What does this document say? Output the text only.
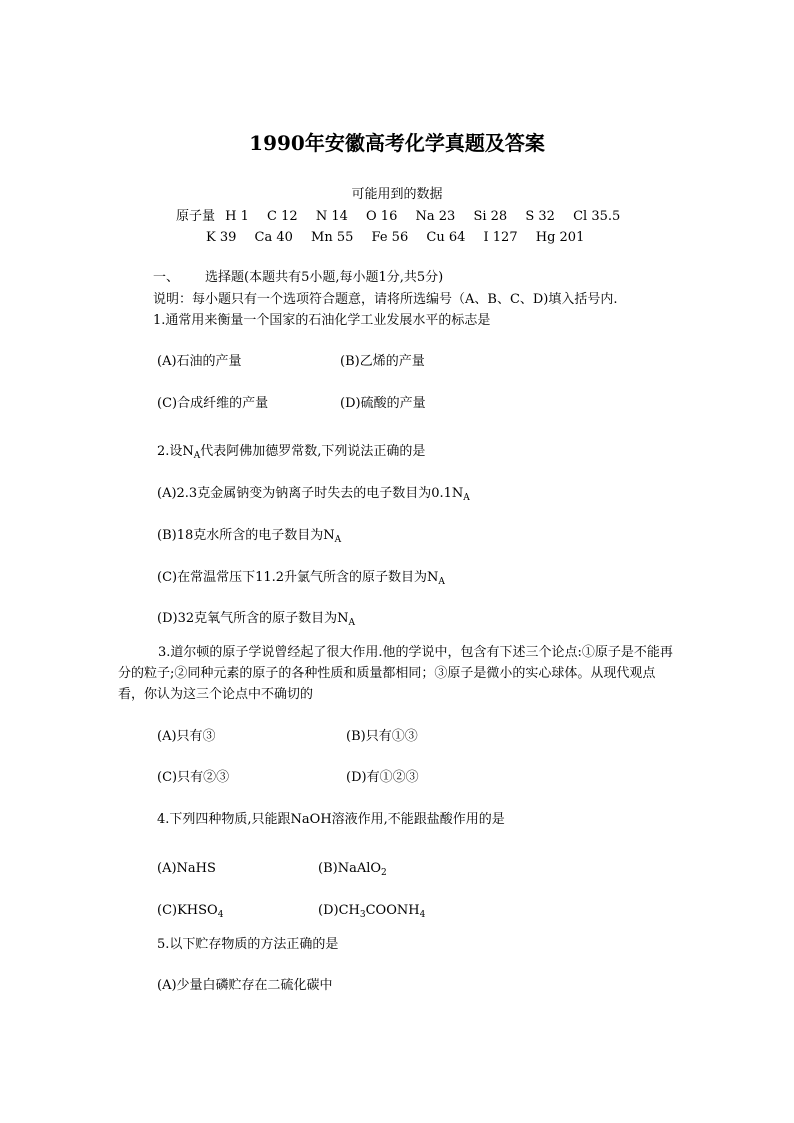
1990年安徽高考化学真题及答案
可能用到的数据
原子量 H 1 C 12 N 14 O 16 Na 23 Si 28 S 32 Cl 35.5
K 39 Ca 40 Mn 55 Fe 56 Cu 64 I 127 Hg 201
一、 选择题(本题共有5小题,每小题1分,共5分)
说明：每小题只有一个选项符合题意，请将所选编号（A、B、C、D)填入括号内.
1.通常用来衡量一个国家的石油化学工业发展水平的标志是
(A)石油的产量	(B)乙烯的产量
(C)合成纤维的产量	(D)硫酸的产量
2.设$N_A$代表阿佛加德罗常数,下列说法正确的是
(A)2.3克金属钠变为钠离子时失去的电子数目为$0.1N_A$
(B)18克水所含的电子数目为$N_A$
(C)在常温常压下11.2升氯气所含的原子数目为$N_A$
(D)32克氧气所含的原子数目为$N_A$
3.道尔顿的原子学说曾经起了很大作用.他的学说中，包含有下述三个论点:①原子是不能再分的粒子;②同种元素的原子的各种性质和质量都相同；③原子是微小的实心球体。从现代观点看，你认为这三个论点中不确切的
(A)只有③	(B)只有①③
(C)只有②③	(D)有①②③
4.下列四种物质,只能跟NaOH溶液作用,不能跟盐酸作用的是
(A)NaHS	(B)NaAlO$_2$
$(C)KHSO_4$	$(D)CH_3COONH_4$
5.以下贮存物质的方法正确的是
(A)少量白磷贮存在二硫化碳中
